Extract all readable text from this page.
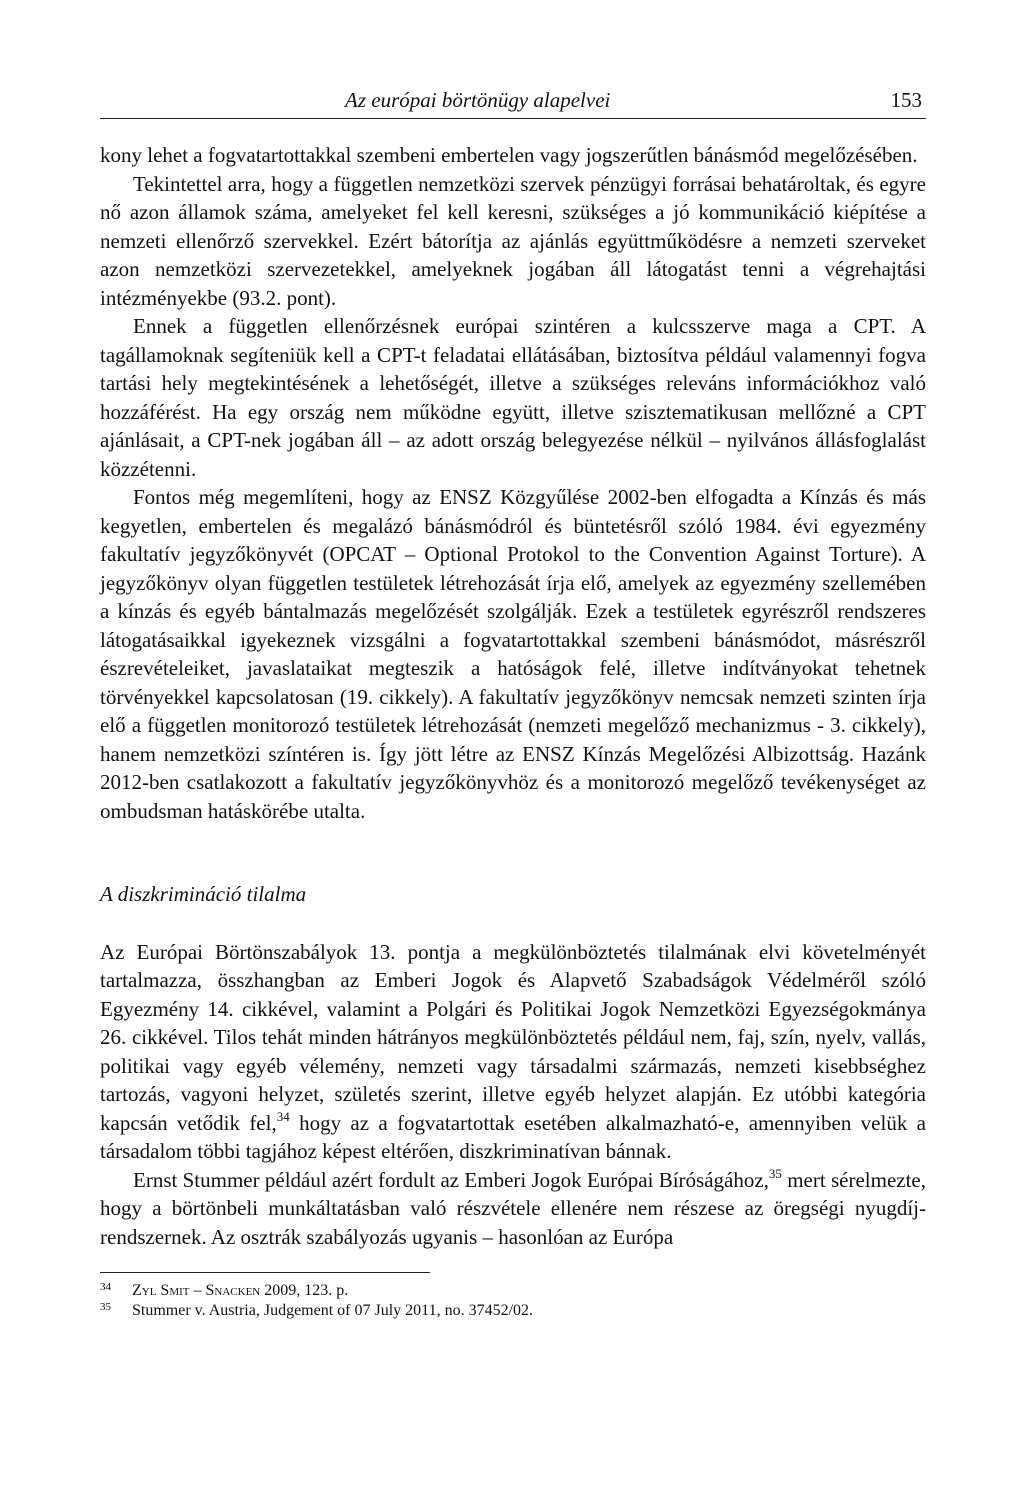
Az európai börtönügy alapelvei	153

kony lehet a fogvatartottakkal szembeni embertelen vagy jogszerűtlen bánásmód megelőzésében.

Tekintettel arra, hogy a független nemzetközi szervek pénzügyi forrásai behatároltak, és egyre nő azon államok száma, amelyeket fel kell keresni, szükséges a jó kommunikáció kiépítése a nemzeti ellenőrző szervekkel. Ezért bátorítja az ajánlás együttműködésre a nemzeti szerveket azon nemzetközi szervezetekkel, amelyeknek jogában áll látogatást tenni a végrehajtási intézményekbe (93.2. pont).

Ennek a független ellenőrzésnek európai szintéren a kulcsszerve maga a CPT. A tagállamoknak segíteniük kell a CPT-t feladatai ellátásában, biztosítva például valamennyi fogva tartási hely megtekintésének a lehetőségét, illetve a szükséges releváns információkhoz való hozzáférést. Ha egy ország nem működne együtt, illetve szisztematikusan mellőzné a CPT ajánlásait, a CPT-nek jogában áll – az adott ország belegyezése nélkül – nyilvános állásfoglalást közzétenni.

Fontos még megemlíteni, hogy az ENSZ Közgyűlése 2002-ben elfogadta a Kínzás és más kegyetlen, embertelen és megalázó bánásmódról és büntetésről szóló 1984. évi egyezmény fakultatív jegyzőkönyvét (OPCAT – Optional Protokol to the Convention Against Torture). A jegyzőkönyv olyan független testületek létrehozását írja elő, amelyek az egyezmény szellemében a kínzás és egyéb bántalmazás megelőzését szolgálják. Ezek a testületek egyrészről rendszeres látogatásaikkal igyekeznek vizsgálni a fogvatartottakkal szembeni bánásmódot, másrészről észrevételeiket, javaslataikat megteszik a hatóságok felé, illetve indítványokat tehetnek törvényekkel kapcsolatosan (19. cikkely). A fakultatív jegyzőkönyv nemcsak nemzeti szinten írja elő a független monitorozó testületek létrehozását (nemzeti megelőző mechanizmus - 3. cikkely), hanem nemzetközi színtéren is. Így jött létre az ENSZ Kínzás Megelőzési Albizottság. Hazánk 2012-ben csatlakozott a fakultatív jegyzőkönyvhöz és a monitorozó megelőző tevékenységet az ombudsman hatáskörébe utalta.

A diszkrimináció tilalma

Az Európai Börtönszabályok 13. pontja a megkülönböztetés tilalmának elvi követelményét tartalmazza, összhangban az Emberi Jogok és Alapvető Szabadságok Védelméről szóló Egyezmény 14. cikkével, valamint a Polgári és Politikai Jogok Nemzetközi Egyezségokmánya 26. cikkével. Tilos tehát minden hátrányos megkülönböztetés például nem, faj, szín, nyelv, vallás, politikai vagy egyéb vélemény, nemzeti vagy társadalmi származás, nemzeti kisebbséghez tartozás, vagyoni helyzet, születés szerint, illetve egyéb helyzet alapján. Ez utóbbi kategória kapcsán vetődik fel,$^{34}$ hogy az a fogvatartottak esetében alkalmazható-e, amennyiben velük a társadalom többi tagjához képest eltérően, diszkriminatívan bánnak.

Ernst Stummer például azért fordult az Emberi Jogok Európai Bíróságához,$^{35}$ mert sérelmezte, hogy a börtönbeli munkáltatásban való részvétele ellenére nem részese az öregségi nyugdíj-rendszernek. Az osztrák szabályozás ugyanis – hasonlóan az Európa

34 Zyl Smit – Snacken 2009, 123. p.
35 Stummer v. Austria, Judgement of 07 July 2011, no. 37452/02.
